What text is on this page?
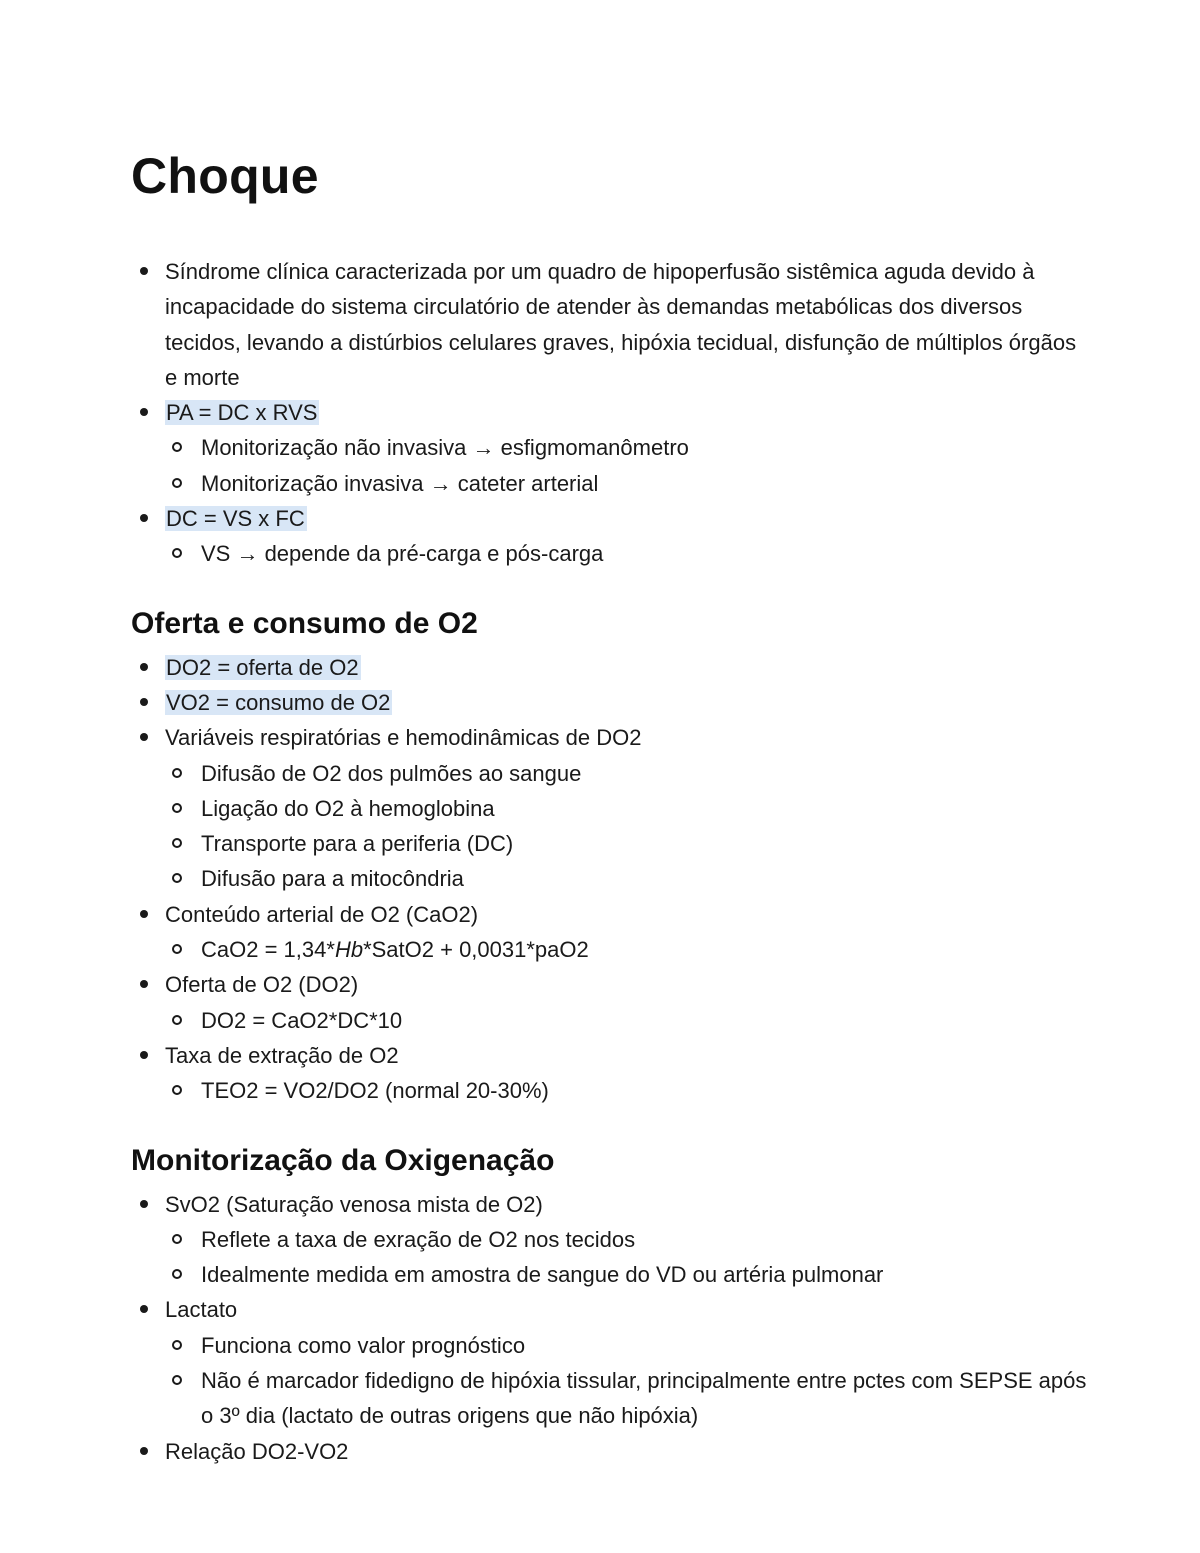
Choque
Síndrome clínica caracterizada por um quadro de hipoperfusão sistêmica aguda devido à incapacidade do sistema circulatório de atender às demandas metabólicas dos diversos tecidos, levando a distúrbios celulares graves, hipóxia tecidual, disfunção de múltiplos órgãos e morte
PA = DC x RVS
Monitorização não invasiva → esfigmomanômetro
Monitorização invasiva → cateter arterial
DC = VS x FC
VS → depende da pré-carga e pós-carga
Oferta e consumo de O2
DO2 = oferta de O2
VO2 = consumo de O2
Variáveis respiratórias e hemodinâmicas de DO2
Difusão de O2 dos pulmões ao sangue
Ligação do O2 à hemoglobina
Transporte para a periferia (DC)
Difusão para a mitocôndria
Conteúdo arterial de O2 (CaO2)
CaO2 = 1,34*Hb*SatO2 + 0,0031*paO2
Oferta de O2 (DO2)
DO2 = CaO2*DC*10
Taxa de extração de O2
TEO2 = VO2/DO2 (normal 20-30%)
Monitorização da Oxigenação
SvO2 (Saturação venosa mista de O2)
Reflete a taxa de exração de O2 nos tecidos
Idealmente medida em amostra de sangue do VD ou artéria pulmonar
Lactato
Funciona como valor prognóstico
Não é marcador fidedigno de hipóxia tissular, principalmente entre pctes com SEPSE após o 3º dia (lactato de outras origens que não hipóxia)
Relação DO2-VO2
